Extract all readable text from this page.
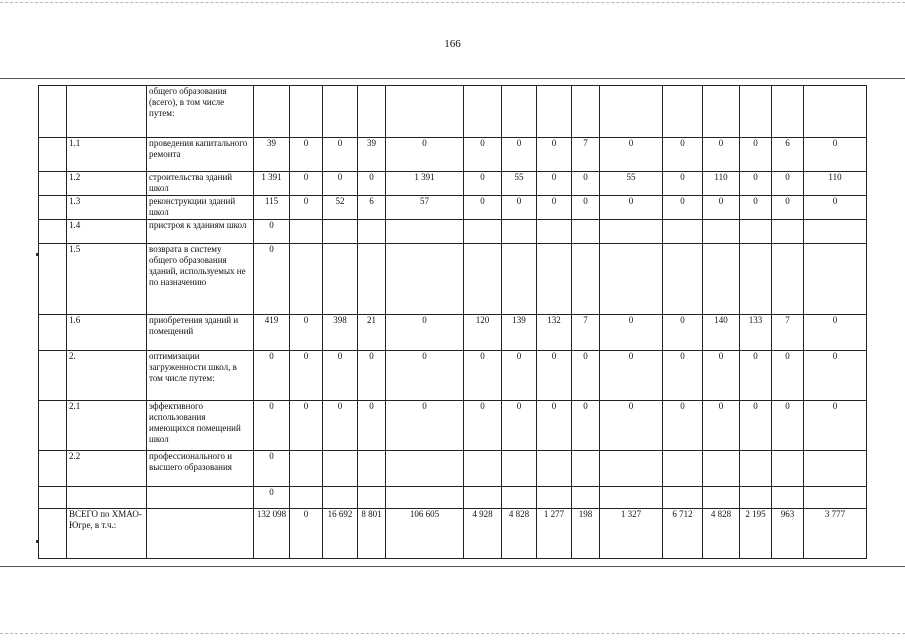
166
		общего образования (всего), в том числе путем:															
	1.1	проведения капитального ремонта	39	0	0	39	0	0	0	0	7	0	0	0	0	6	0
	1.2	строительства зданий школ	1 391	0	0	0	1 391	0	55	0	0	55	0	110	0	0	110
	1.3	реконструкции зданий школ	115	0	52	6	57	0	0	0	0	0	0	0	0	0	0
	1.4	пристроя к зданиям школ	0														
	1.5	возврата в систему общего образования зданий, используемых не по назначению	0														
	1.6	приобретения зданий и помещений	419	0	398	21	0	120	139	132	7	0	0	140	133	7	0
	2.	оптимизации загруженности школ, в том числе путем:	0	0	0	0	0	0	0	0	0	0	0	0	0	0	0
	2.1	эффективного использования имеющихся помещений школ	0	0	0	0	0	0	0	0	0	0	0	0	0	0	0
	2.2	профессионального и высшего образования	0														
			0														
	ВСЕГО по ХМАО-Югре, в т.ч.:		132 098	0	16 692	8 801	106 605	4 928	4 828	1 277	198	1 327	6 712	4 828	2 195	963	3 777
